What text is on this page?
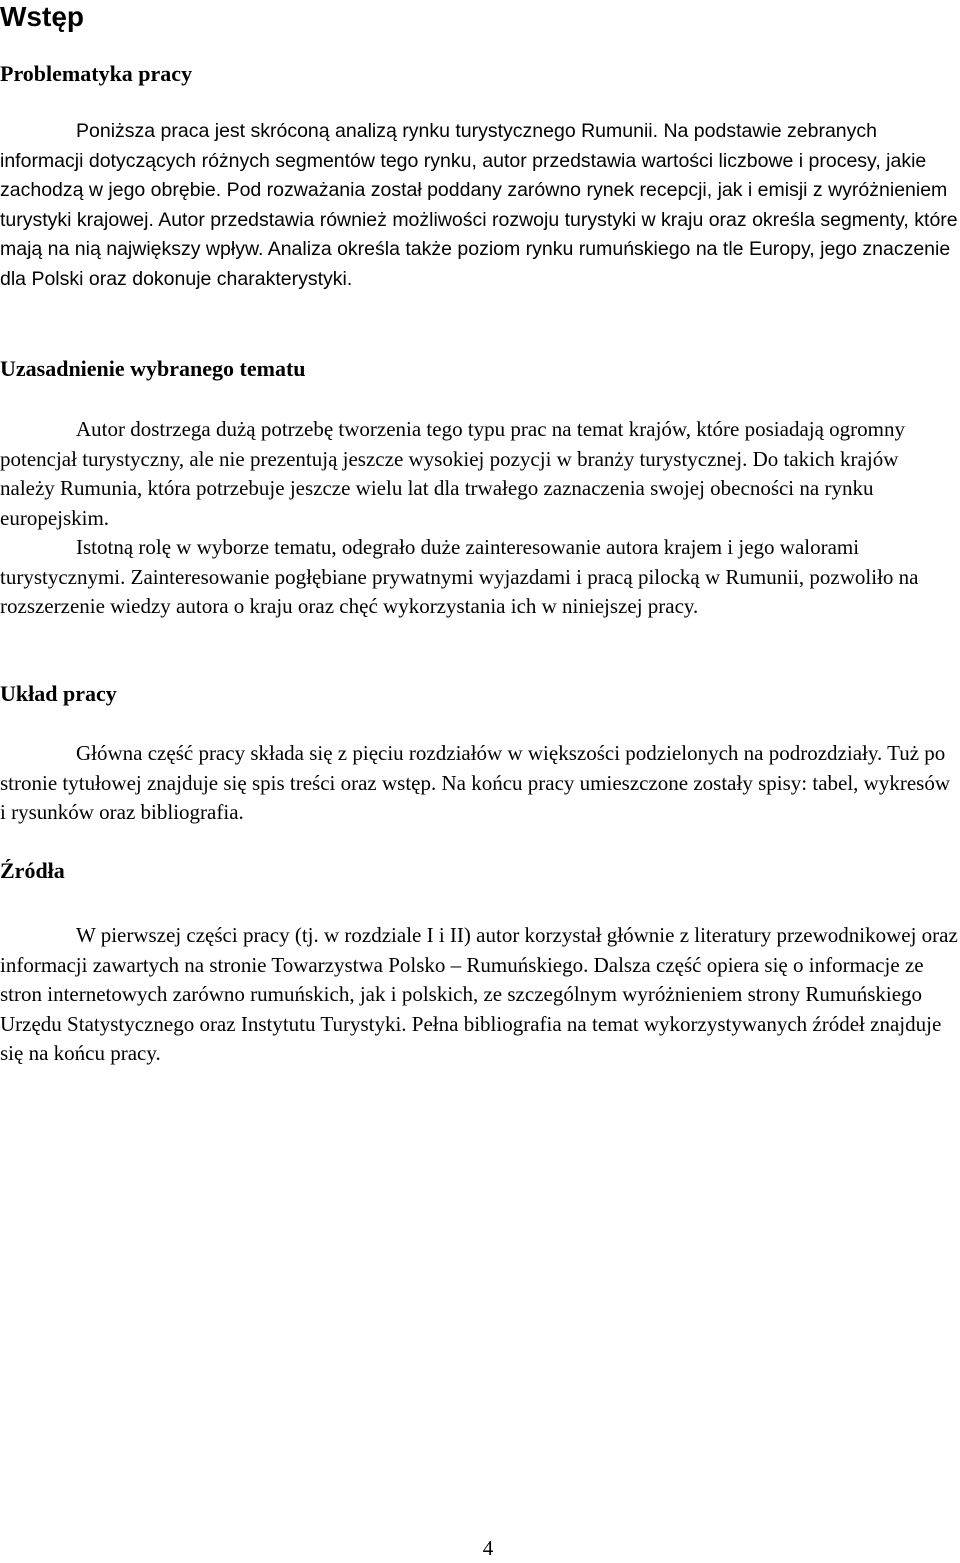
Wstęp
Problematyka pracy

Poniższa praca jest skróconą analizą rynku turystycznego Rumunii. Na podstawie zebranych informacji dotyczących różnych segmentów tego rynku, autor przedstawia wartości liczbowe i procesy, jakie zachodzą w jego obrębie. Pod rozważania został poddany zarówno rynek recepcji, jak i emisji z wyróżnieniem turystyki krajowej. Autor przedstawia również możliwości rozwoju turystyki w kraju oraz określa segmenty, które mają na nią największy wpływ. Analiza określa także poziom rynku rumuńskiego na tle Europy, jego znaczenie dla Polski oraz dokonuje charakterystyki.

Uzasadnienie wybranego tematu

Autor dostrzega dużą potrzebę tworzenia tego typu prac na temat krajów, które posiadają ogromny potencjał turystyczny, ale nie prezentują jeszcze wysokiej pozycji w branży turystycznej. Do takich krajów należy Rumunia, która potrzebuje jeszcze wielu lat dla trwałego zaznaczenia swojej obecności na rynku europejskim.

Istotną rolę w wyborze tematu, odegrało duże zainteresowanie autora krajem i jego walorami turystycznymi. Zainteresowanie pogłębiane prywatnymi wyjazdami i pracą pilocką w Rumunii, pozwoliło na rozszerzenie wiedzy autora o kraju oraz chęć wykorzystania ich w niniejszej pracy.

Układ pracy

Główna część pracy składa się z pięciu rozdziałów w większości podzielonych na podrozdziały. Tuż po stronie tytułowej znajduje się spis treści oraz wstęp. Na końcu pracy umieszczone zostały spisy: tabel, wykresów i rysunków oraz bibliografia.

Źródła

W pierwszej części pracy (tj. w rozdziale I i II) autor korzystał głównie z literatury przewodnikowej oraz informacji zawartych na stronie Towarzystwa Polsko – Rumuńskiego. Dalsza część opiera się o informacje ze stron internetowych zarówno rumuńskich, jak i polskich, ze szczególnym wyróżnieniem strony Rumuńskiego Urzędu Statystycznego oraz Instytutu Turystyki. Pełna bibliografia na temat wykorzystywanych źródeł znajduje się na końcu pracy.

4
